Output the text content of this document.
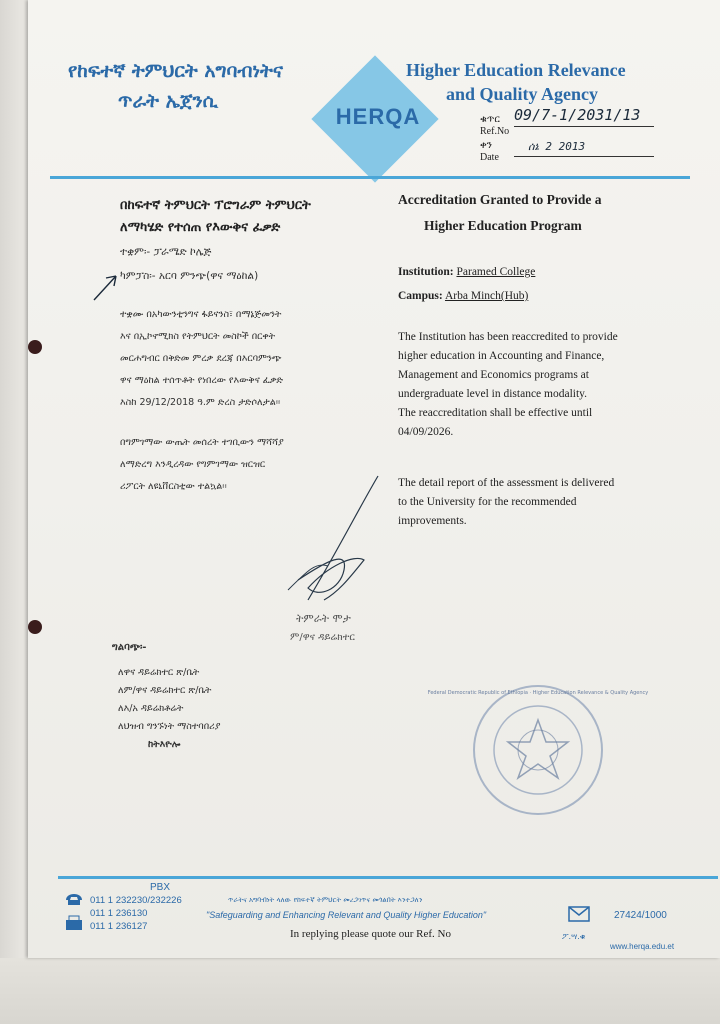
የከፍተኛ ትምህርት አግባብነትና
ጥራት ኤጀንሲ
HERQA
Higher Education Relevance
and Quality Agency
ቁጥር
Ref.No
09/7-1/2031/13
ቀን
Date
ሰኔ 2 2013
በከፍተኛ ትምህርት ፕሮግራም ትምህርት
ለማካሄድ የተሰጠ የእውቅና ፈቃድ
ተቋም፡- ፓራሜድ ኮሌጅ
ካምፓስ፡- አርባ ምንጭ(ዋና ማዕከል)
ተቋሙ በአካውንቲንግና ፋይናንስ፣ በማኔጅመንት
እና በኢኮኖሚክስ የትምህርት መስኮች በርቀት
መርሐግብር በቅድመ ምረቃ ደረጃ በእርባምንጭ
ዋና ማዕከል ተሰጥቶት የነበረው የእውቅና ፈቃድ
እስከ 29/12/2018 ዓ.ም ድረስ ታድሶለታል፡፡
በግምገማው ውጤት መሰረት ተገቢውን ማሻሻያ
ለማድረግ እንዲረዳው የግምገማው ዝርዝር
ሪፖርት ለዩኒቨርስቲው ተልኳል፡፡
Accreditation Granted to Provide a
Higher Education Program
Institution: Paramed College
Campus: Arba Minch(Hub)
The Institution has been reaccredited to provide
higher education in Accounting and Finance,
Management and Economics programs at
undergraduate level in distance modality.
The reaccreditation shall be effective until
04/09/2026.
The detail report of the assessment is delivered
to the University for the recommended
improvements.
ትምራት ሞታ
ም/ዋና ዳይሬክተር
ግልባጭ፡-
ለዋና ዳይሬክተር ጽ/ቤት
ለም/ዋና ዳይሬክተር ጽ/ቤት
ለእ/አ ዳይሬክቶሬት
ለህዝብ ግንኙነት ማስተባበሪያ
ከትእዮሎ
Federal Democratic Republic of Ethiopia · Higher Education Relevance & Quality Agency
PBX
011 1 232230/232226
011 1 236130
011 1 236127
ጥራትና አግባብነት ላለው የከፍተኛ ትምህርት መረጋገጥና መጎልበት እንተጋለን
"Safeguarding and Enhancing Relevant and Quality Higher Education"
In replying please quote our Ref. No
27424/1000
ፖ.ሣ.ቁ
www.herqa.edu.et
